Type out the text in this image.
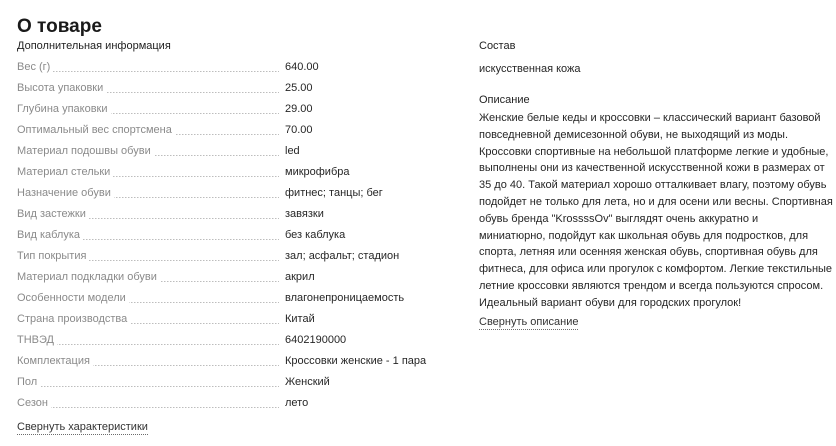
О товаре
Дополнительная информация
Вес (г)	640.00
Высота упаковки	25.00
Глубина упаковки	29.00
Оптимальный вес спортсмена	70.00
Материал подошвы обуви	led
Материал стельки	микрофибра
Назначение обуви	фитнес; танцы; бег
Вид застежки	завязки
Вид каблука	без каблука
Тип покрытия	зал; асфальт; стадион
Материал подкладки обуви	акрил
Особенности модели	влагонепроницаемость
Страна производства	Китай
ТНВЭД	6402190000
Комплектация	Кроссовки женские - 1 пара
Пол	Женский
Сезон	лето
Свернуть характеристики
Состав
искусственная кожа
Описание
Женские белые кеды и кроссовки – классический вариант базовой
повседневной демисезонной обуви, не выходящий из моды.
Кроссовки спортивные на небольшой платформе легкие и удобные,
выполнены они из качественной искусственной кожи в размерах от
35 до 40. Такой материал хорошо отталкивает влагу, поэтому обувь
подойдет не только для лета, но и для осени или весны. Спортивная
обувь бренда "KrossssOv" выглядят очень аккуратно и
миниатюрно, подойдут как школьная обувь для подростков, для
спорта, летняя или осенняя женская обувь, спортивная обувь для
фитнеса, для офиса или прогулок с комфортом. Легкие текстильные
летние кроссовки являются трендом и всегда пользуются спросом.
Идеальный вариант обуви для городских прогулок!
Свернуть описание
